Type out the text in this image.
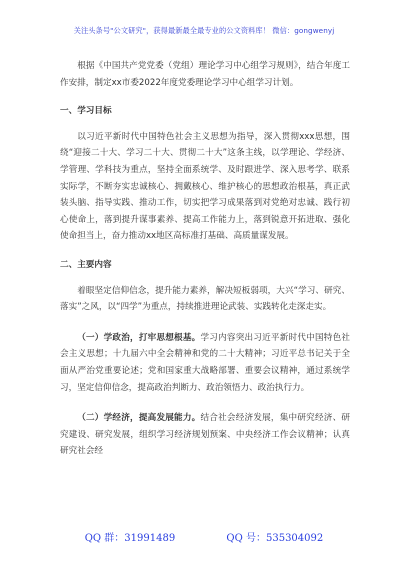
关注头条号"公文研究"，获得最新最全最专业的公文资料库！ 微信：gongwenyj

根据《中国共产党党委（党组）理论学习中心组学习规则》，结合年度工作安排，制定xx市委2022年度党委理论学习中心组学习计划。

一、学习目标

以习近平新时代中国特色社会主义思想为指导，深入贯彻xxx思想，围绕“迎接二十大、学习二十大、贯彻二十大”这条主线，以学理论、学经济、学管理、学科技为重点，坚持全面系统学、及时跟进学、深入思考学、联系实际学，不断夯实忠诚核心、拥戴核心、维护核心的思想政治根基，真正武装头脑、指导实践、推动工作，切实把学习成果落到对党绝对忠诚、践行初心使命上，落到提升谋事素养、提高工作能力上，落到锐意开拓进取、强化使命担当上，奋力推动xx地区高标准打基础、高质量谋发展。

二、主要内容

着眼坚定信仰信念，提升能力素养，解决短板弱项，大兴“学习、研究、落实”之风，以“四学”为重点，持续推进理论武装、实践转化走深走实。

（一）学政治，打牢思想根基。学习内容突出习近平新时代中国特色社会主义思想；十九届六中全会精神和党的二十大精神；习近平总书记关于全面从严治党重要论述；党和国家重大战略部署、重要会议精神，通过系统学习，坚定信仰信念，提高政治判断力、政治领悟力、政治执行力。

（二）学经济，提高发展能力。结合社会经济发展，集中研究经济、研究建设、研究发展，组织学习经济规划预案、中央经济工作会议精神；认真研究社会经

QQ 群：31991489	QQ 号：535304092
